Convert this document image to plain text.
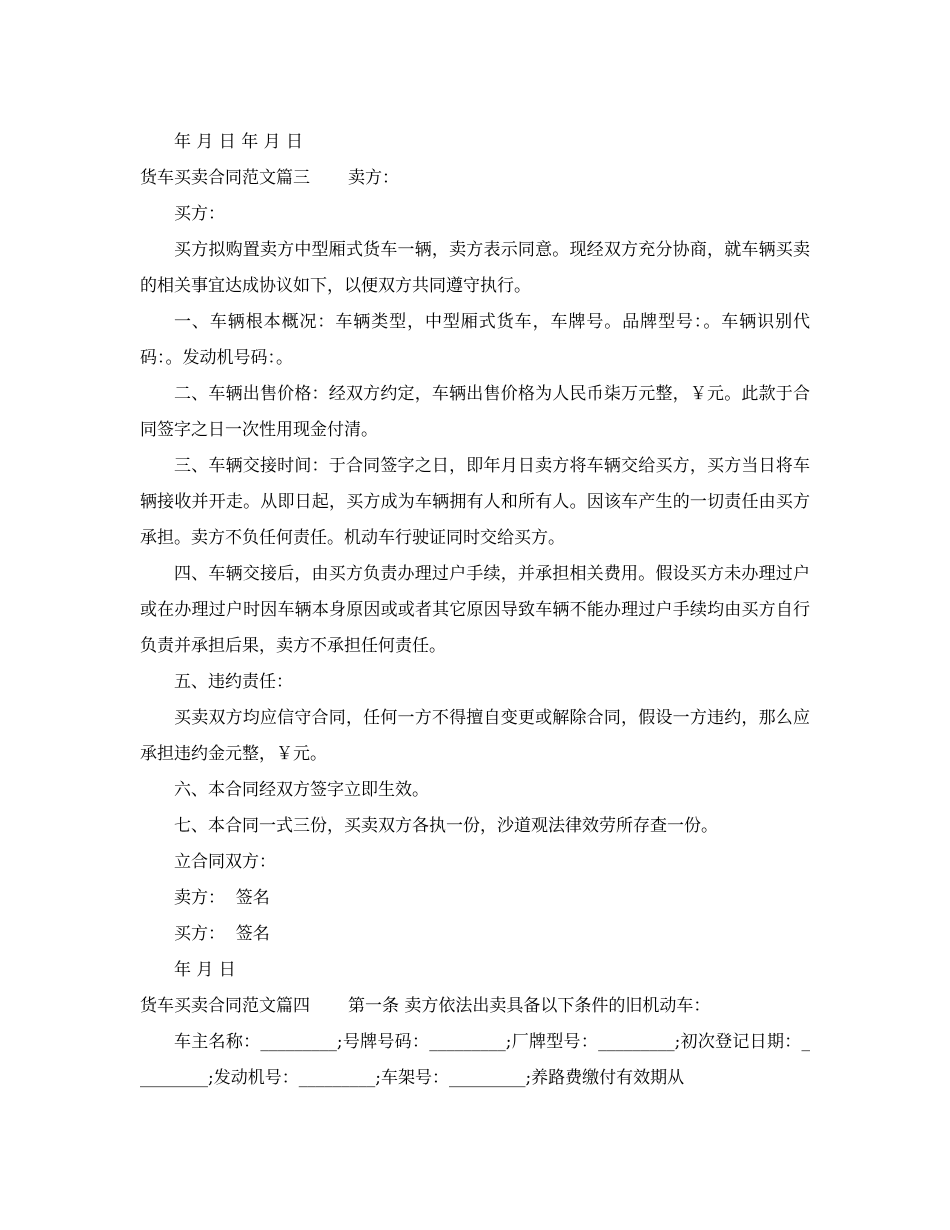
年 月 日 年 月 日

货车买卖合同范文篇三 卖方：

买方：

买方拟购置卖方中型厢式货车一辆，卖方表示同意。现经双方充分协商，就车辆买卖的相关事宜达成协议如下，以便双方共同遵守执行。

一、车辆根本概况：车辆类型，中型厢式货车，车牌号。品牌型号：。车辆识别代码：。发动机号码：。

二、车辆出售价格：经双方约定，车辆出售价格为人民币柒万元整，￥元。此款于合同签字之日一次性用现金付清。

三、车辆交接时间：于合同签字之日，即年月日卖方将车辆交给买方，买方当日将车辆接收并开走。从即日起，买方成为车辆拥有人和所有人。因该车产生的一切责任由买方承担。卖方不负任何责任。机动车行驶证同时交给买方。

四、车辆交接后，由买方负责办理过户手续，并承担相关费用。假设买方未办理过户或在办理过户时因车辆本身原因或或者其它原因导致车辆不能办理过户手续均由买方自行负责并承担后果，卖方不承担任何责任。

五、违约责任：

买卖双方均应信守合同，任何一方不得擅自变更或解除合同，假设一方违约，那么应承担违约金元整，￥元。

六、本合同经双方签字立即生效。

七、本合同一式三份，买卖双方各执一份，沙道观法律效劳所存查一份。

立合同双方：

卖方：  签名

买方：  签名

年 月 日

货车买卖合同范文篇四 第一条 卖方依法出卖具备以下条件的旧机动车：

车主名称：_________;号牌号码：_________;厂牌型号：_________;初次登记日期：_________;发动机号：_________;车架号：_________;养路费缴付有效期从
